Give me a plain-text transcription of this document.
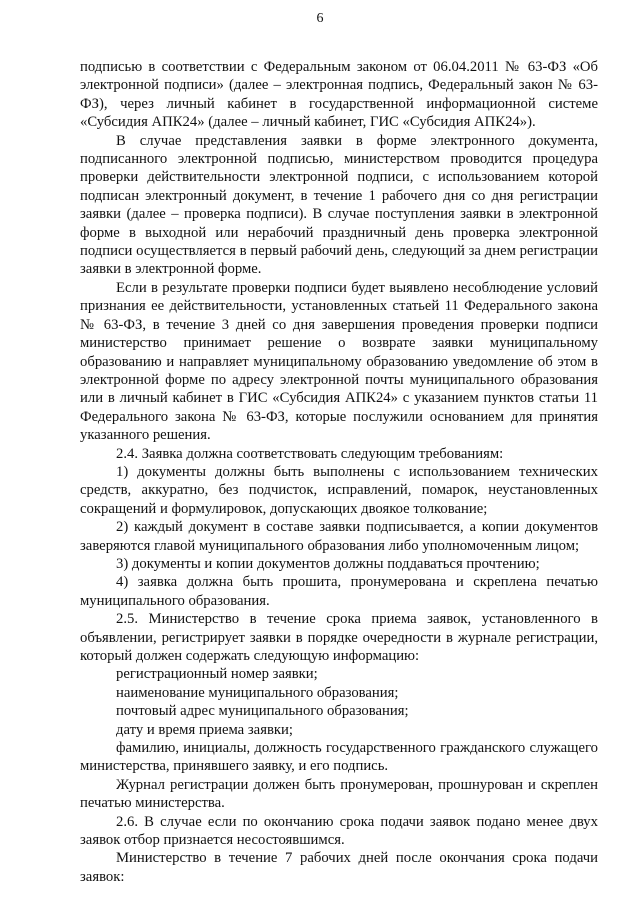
6

подписью в соответствии с Федеральным законом от 06.04.2011 № 63-ФЗ «Об электронной подписи» (далее – электронная подпись, Федеральный закон № 63-ФЗ), через личный кабинет в государственной информационной системе «Субсидия АПК24» (далее – личный кабинет, ГИС «Субсидия АПК24»).

В случае представления заявки в форме электронного документа, подписанного электронной подписью, министерством проводится процедура проверки действительности электронной подписи, с использованием которой подписан электронный документ, в течение 1 рабочего дня со дня регистрации заявки (далее – проверка подписи). В случае поступления заявки в электронной форме в выходной или нерабочий праздничный день проверка электронной подписи осуществляется в первый рабочий день, следующий за днем регистрации заявки в электронной форме.

Если в результате проверки подписи будет выявлено несоблюдение условий признания ее действительности, установленных статьей 11 Федерального закона № 63-ФЗ, в течение 3 дней со дня завершения проведения проверки подписи министерство принимает решение о возврате заявки муниципальному образованию и направляет муниципальному образованию уведомление об этом в электронной форме по адресу электронной почты муниципального образования или в личный кабинет в ГИС «Субсидия АПК24» с указанием пунктов статьи 11 Федерального закона № 63-ФЗ, которые послужили основанием для принятия указанного решения.

2.4. Заявка должна соответствовать следующим требованиям:

1) документы должны быть выполнены с использованием технических средств, аккуратно, без подчисток, исправлений, помарок, неустановленных сокращений и формулировок, допускающих двоякое толкование;

2) каждый документ в составе заявки подписывается, а копии документов заверяются главой муниципального образования либо уполномоченным лицом;

3) документы и копии документов должны поддаваться прочтению;

4) заявка должна быть прошита, пронумерована и скреплена печатью муниципального образования.

2.5. Министерство в течение срока приема заявок, установленного в объявлении, регистрирует заявки в порядке очередности в журнале регистрации, который должен содержать следующую информацию:

регистрационный номер заявки;

наименование муниципального образования;

почтовый адрес муниципального образования;

дату и время приема заявки;

фамилию, инициалы, должность государственного гражданского служащего министерства, принявшего заявку, и его подпись.

Журнал регистрации должен быть пронумерован, прошнурован и скреплен печатью министерства.

2.6. В случае если по окончанию срока подачи заявок подано менее двух заявок отбор признается несостоявшимся.

Министерство в течение 7 рабочих дней после окончания срока подачи заявок:
